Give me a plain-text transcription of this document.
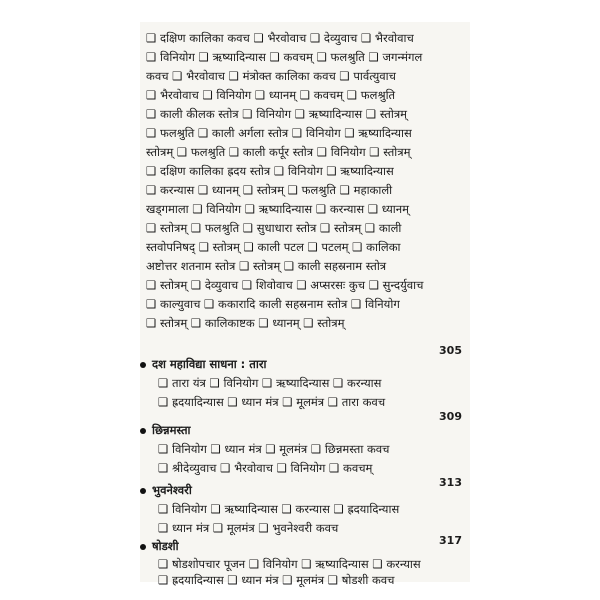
❑ दक्षिण कालिका कवच ❑ भैरवोवाच ❑ देव्युवाच ❑ भैरवोवाच
❑ विनियोग ❑ ऋष्यादिन्यास ❑ कवचम् ❑ फलश्रुति ❑ जगन्मंगल
कवच ❑ भैरवोवाच ❑ मंत्रोक्त कालिका कवच ❑ पार्वत्युवाच
❑ भैरवोवाच ❑ विनियोग ❑ ध्यानम् ❑ कवचम् ❑ फलश्रुति
❑ काली कीलक स्तोत्र ❑ विनियोग ❑ ऋष्यादिन्यास ❑ स्तोत्रम्
❑ फलश्रुति ❑ काली अर्गला स्तोत्र ❑ विनियोग ❑ ऋष्यादिन्यास
स्तोत्रम् ❑ फलश्रुति ❑ काली कर्पूर स्तोत्र ❑ विनियोग ❑ स्तोत्रम्
❑ दक्षिण कालिका ह्रदय स्तोत्र ❑ विनियोग ❑ ऋष्यादिन्यास
❑ करन्यास ❑ ध्यानम् ❑ स्तोत्रम् ❑ फलश्रुति ❑ महाकाली
खड्गमाला ❑ विनियोग ❑ ऋष्यादिन्यास ❑ करन्यास ❑ ध्यानम्
❑ स्तोत्रम् ❑ फलश्रुति ❑ सुधाधारा स्तोत्र ❑ स्तोत्रम् ❑ काली
स्तवोपनिषद् ❑ स्तोत्रम् ❑ काली पटल ❑ पटलम् ❑ कालिका
अष्टोत्तर शतनाम स्तोत्र ❑ स्तोत्रम् ❑ काली सहस्रनाम स्तोत्र
❑ स्तोत्रम् ❑ देव्युवाच ❑ शिवोवाच ❑ अप्सरसः कुच ❑ सुन्दर्युवाच
❑ काल्युवाच ❑ ककारादि काली सहस्रनाम स्तोत्र ❑ विनियोग
❑ स्तोत्रम् ❑ कालिकाष्टक ❑ ध्यानम् ❑ स्तोत्रम्
305
दश महाविद्या साधना : तारा
❑ तारा यंत्र ❑ विनियोग ❑ ऋष्यादिन्यास ❑ करन्यास
❑ ह्रदयादिन्यास ❑ ध्यान मंत्र ❑ मूलमंत्र ❑ तारा कवच
309
छिन्नमस्ता
❑ विनियोग ❑ ध्यान मंत्र ❑ मूलमंत्र ❑ छिन्नमस्ता कवच
❑ श्रीदेव्युवाच ❑ भैरवोवाच ❑ विनियोग ❑ कवचम्
313
भुवनेश्वरी
❑ विनियोग ❑ ऋष्यादिन्यास ❑ करन्यास ❑ ह्रदयादिन्यास
❑ ध्यान मंत्र ❑ मूलमंत्र ❑ भुवनेश्वरी कवच
317
षोडशी
❑ षोडशोपचार पूजन ❑ विनियोग ❑ ऋष्यादिन्यास ❑ करन्यास
❑ ह्रदयादिन्यास ❑ ध्यान मंत्र ❑ मूलमंत्र ❑ षोडशी कवच
